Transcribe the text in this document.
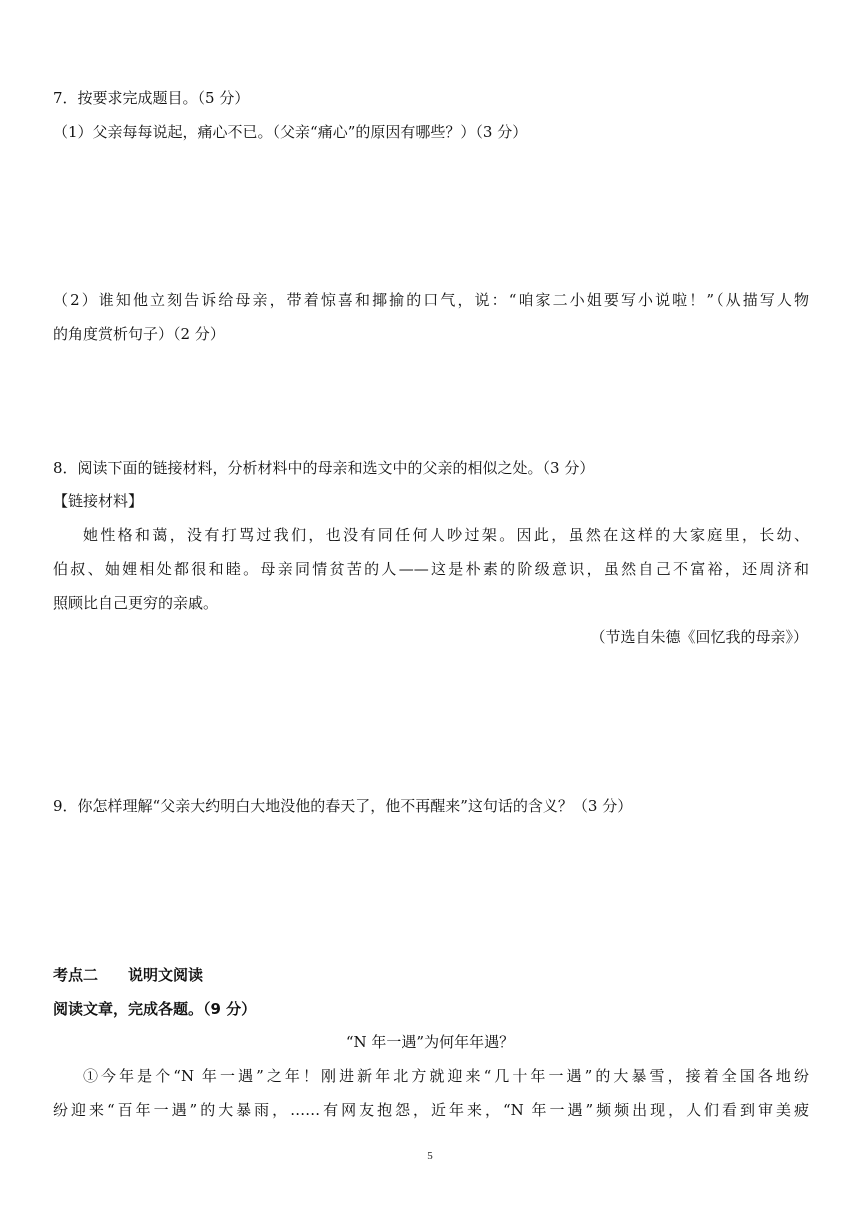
7．按要求完成题目。（5 分）
（1）父亲每每说起，痛心不已。（父亲“痛心”的原因有哪些？）（3 分）
（2）谁知他立刻告诉给母亲，带着惊喜和揶揄的口气，说：“咱家二小姐要写小说啦！”（从描写人物
的角度赏析句子）（2 分）
8．阅读下面的链接材料，分析材料中的母亲和选文中的父亲的相似之处。（3 分）
【链接材料】
她性格和蔼，没有打骂过我们，也没有同任何人吵过架。因此，虽然在这样的大家庭里，长幼、
伯叔、妯娌相处都很和睦。母亲同情贫苦的人——这是朴素的阶级意识，虽然自己不富裕，还周济和
照顾比自己更穷的亲戚。
（节选自朱德《回忆我的母亲》）
9．你怎样理解“父亲大约明白大地没他的春天了，他不再醒来”这句话的含义？（3 分）
考点二　　说明文阅读
阅读文章，完成各题。（9 分）
“N 年一遇”为何年年遇？
①今年是个“N 年一遇”之年！刚进新年北方就迎来“几十年一遇”的大暴雪，接着全国各地纷
纷迎来“百年一遇”的大暴雨，……有网友抱怨，近年来，“N 年一遇”频频出现，人们看到审美疲
5
